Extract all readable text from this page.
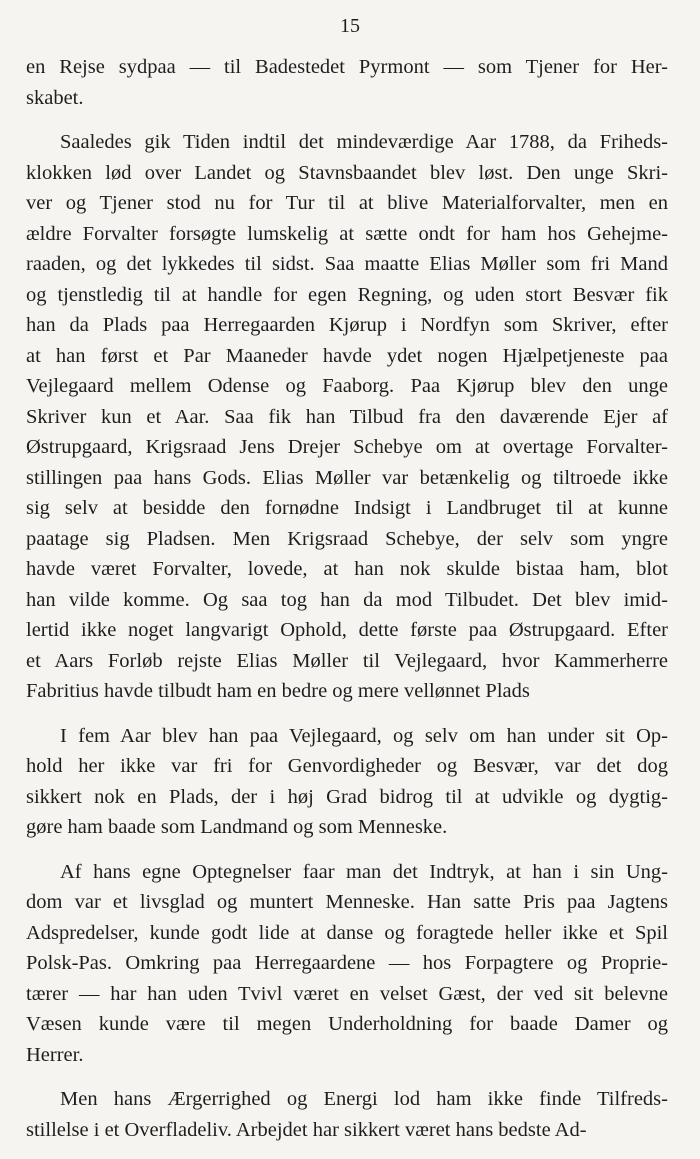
15
en Rejse sydpaa — til Badestedet Pyrmont — som Tjener for Her-
skabet.
Saaledes gik Tiden indtil det mindeværdige Aar 1788, da Friheds-
klokken lød over Landet og Stavnsbaandet blev løst. Den unge Skri-
ver og Tjener stod nu for Tur til at blive Materialforvalter, men en
ældre Forvalter forsøgte lumskelig at sætte ondt for ham hos Gehejme-
raaden, og det lykkedes til sidst. Saa maatte Elias Møller som fri Mand
og tjenstledig til at handle for egen Regning, og uden stort Besvær fik
han da Plads paa Herregaarden Kjørup i Nordfyn som Skriver, efter
at han først et Par Maaneder havde ydet nogen Hjælpetjeneste paa
Vejlegaard mellem Odense og Faaborg. Paa Kjørup blev den unge
Skriver kun et Aar. Saa fik han Tilbud fra den daværende Ejer af
Østrupgaard, Krigsraad Jens Drejer Schebye om at overtage Forvalter-
stillingen paa hans Gods. Elias Møller var betænkelig og tiltroede ikke
sig selv at besidde den fornødne Indsigt i Landbruget til at kunne
paatage sig Pladsen. Men Krigsraad Schebye, der selv som yngre
havde været Forvalter, lovede, at han nok skulde bistaa ham, blot
han vilde komme. Og saa tog han da mod Tilbudet. Det blev imid-
lertid ikke noget langvarigt Ophold, dette første paa Østrupgaard. Efter
et Aars Forløb rejste Elias Møller til Vejlegaard, hvor Kammerherre
Fabritius havde tilbudt ham en bedre og mere vellønnet Plads
I fem Aar blev han paa Vejlegaard, og selv om han under sit Op-
hold her ikke var fri for Genvordigheder og Besvær, var det dog
sikkert nok en Plads, der i høj Grad bidrog til at udvikle og dygtig-
gøre ham baade som Landmand og som Menneske.
Af hans egne Optegnelser faar man det Indtryk, at han i sin Ung-
dom var et livsglad og muntert Menneske. Han satte Pris paa Jagtens
Adspredelser, kunde godt lide at danse og foragtede heller ikke et Spil
Polsk-Pas. Omkring paa Herregaardene — hos Forpagtere og Proprie-
tærer — har han uden Tvivl været en velset Gæst, der ved sit belevne
Væsen kunde være til megen Underholdning for baade Damer og
Herrer.
Men hans Ærgerrighed og Energi lod ham ikke finde Tilfreds-
stillelse i et Overfladeliv. Arbejdet har sikkert været hans bedste Ad-
